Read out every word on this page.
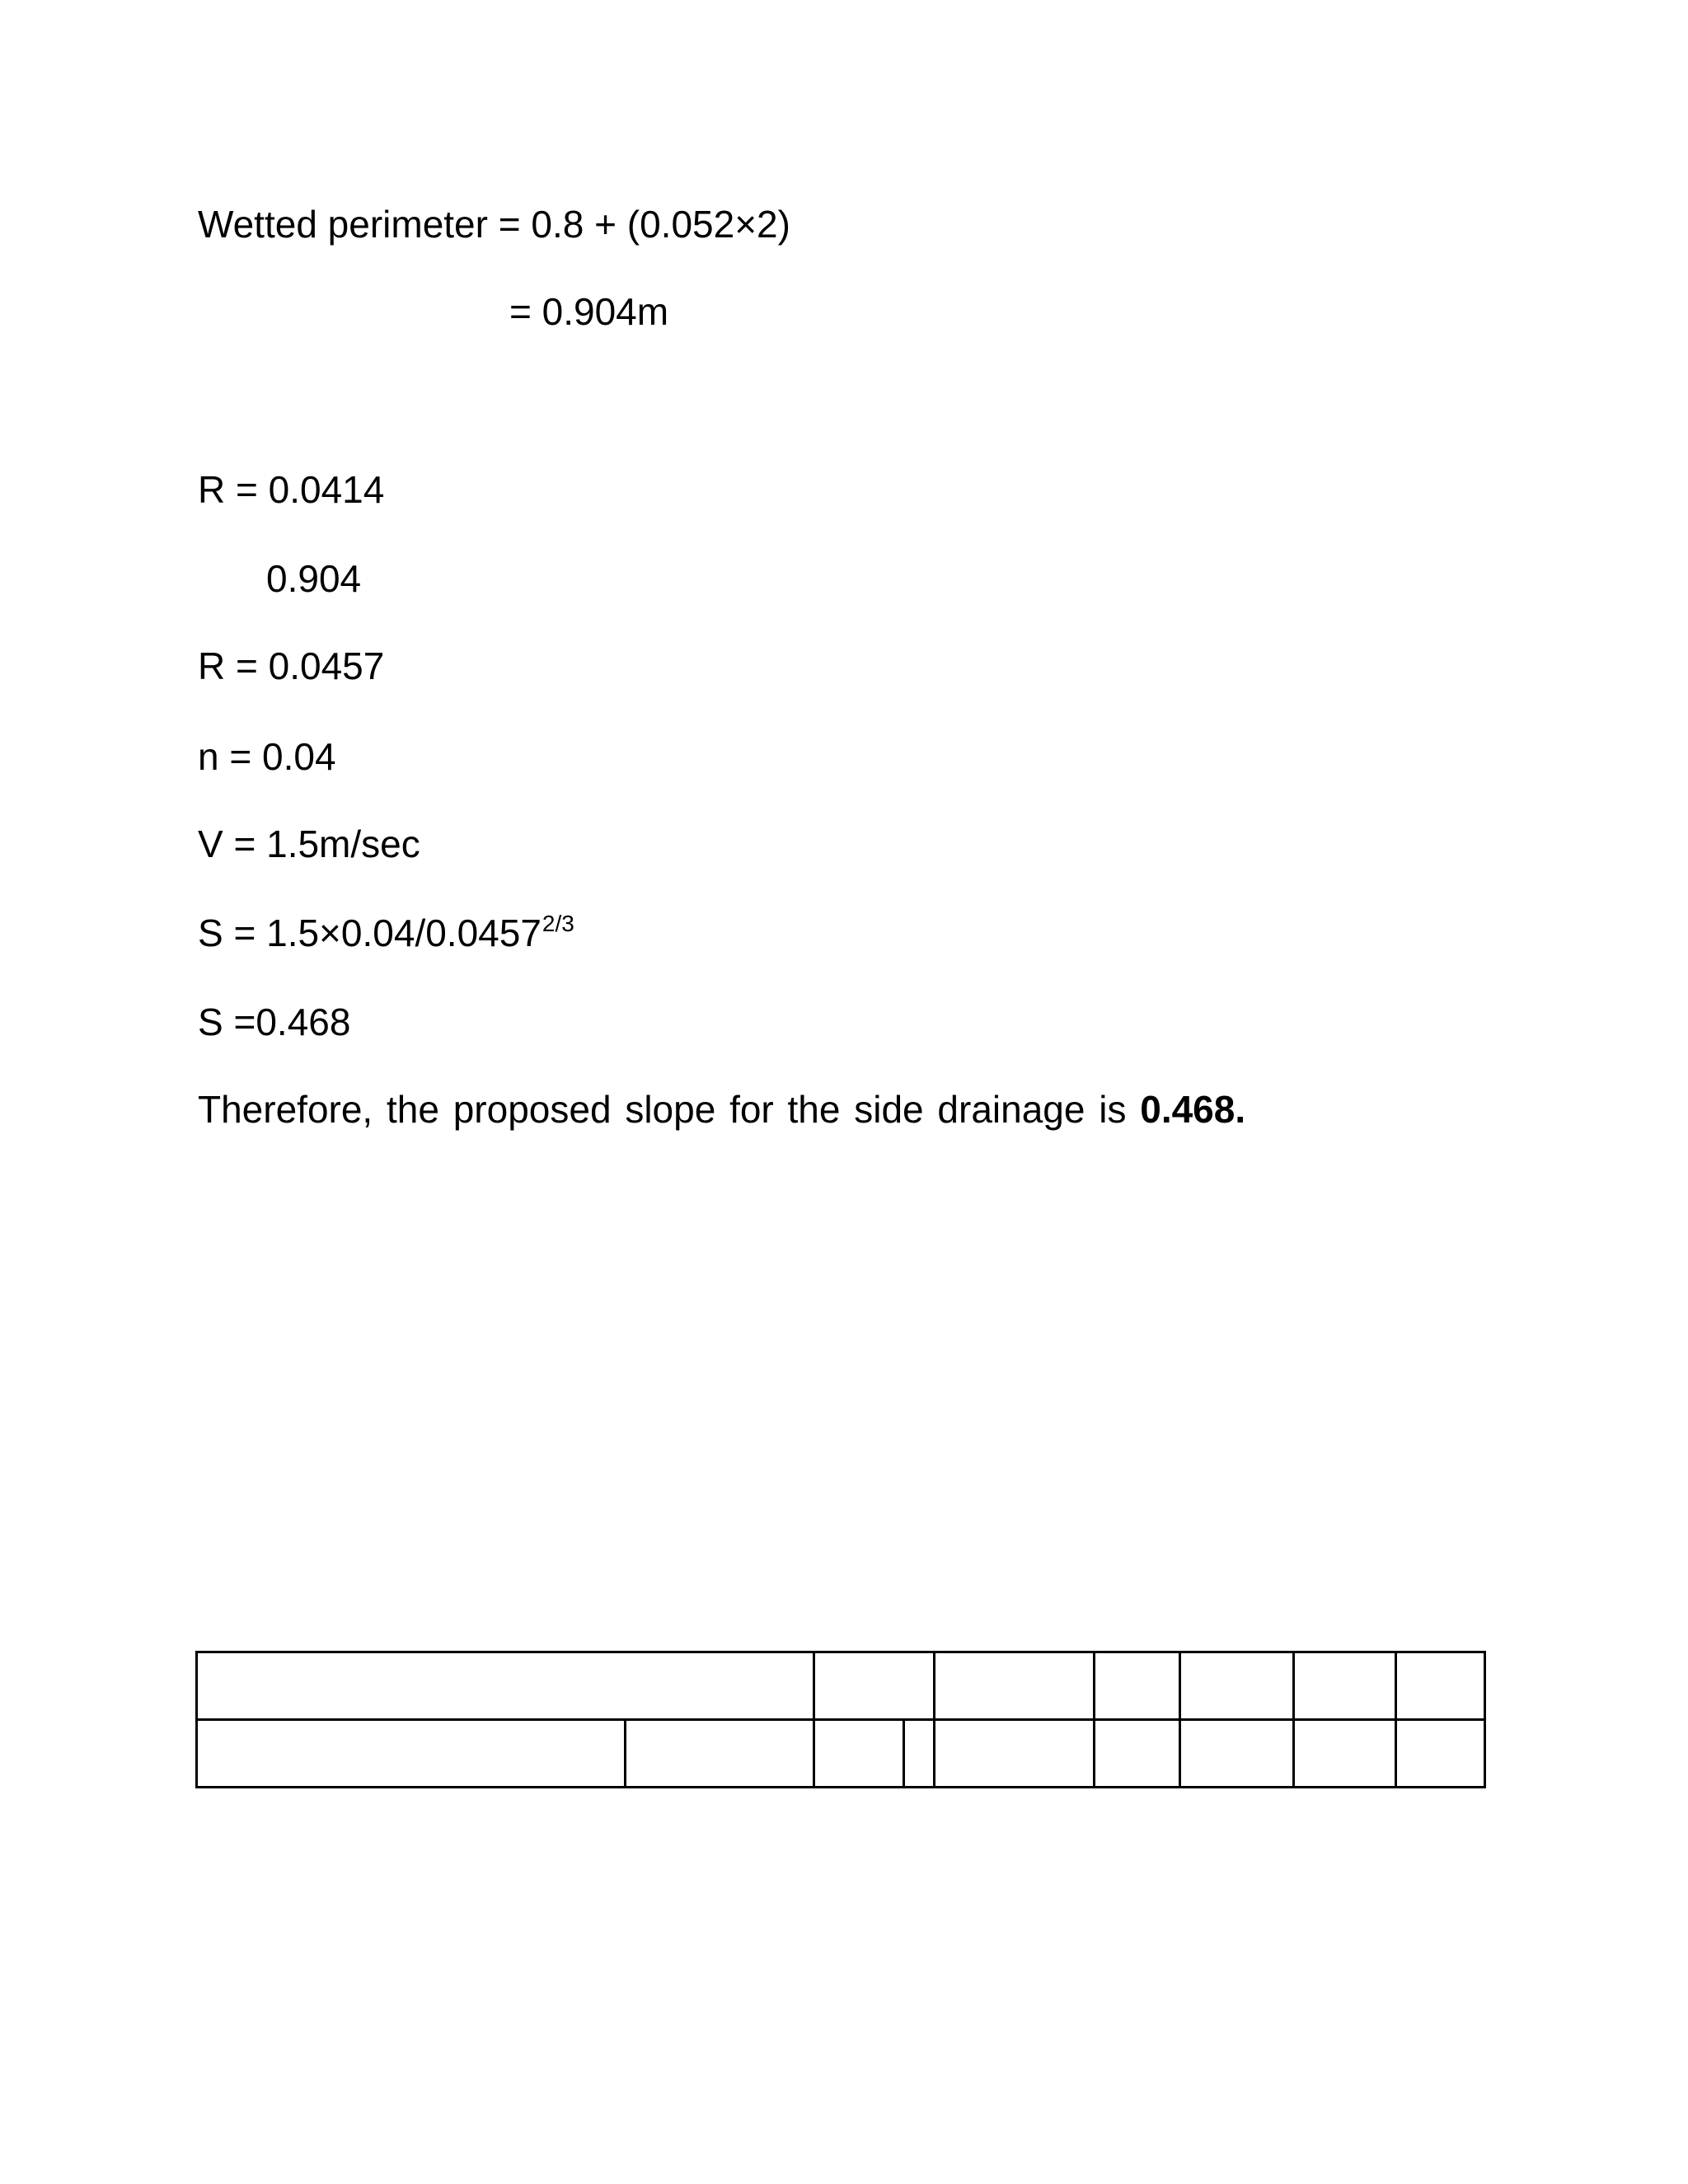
Wetted perimeter = 0.8 + (0.052×2)
= 0.904m
R = 0.0414
0.904
R = 0.0457
n = 0.04
V = 1.5m/sec
$S = 1.5\times 0.04/0.0457^{2/3}$
S =0.468
Therefore, the proposed slope for the side drainage is 0.468.
